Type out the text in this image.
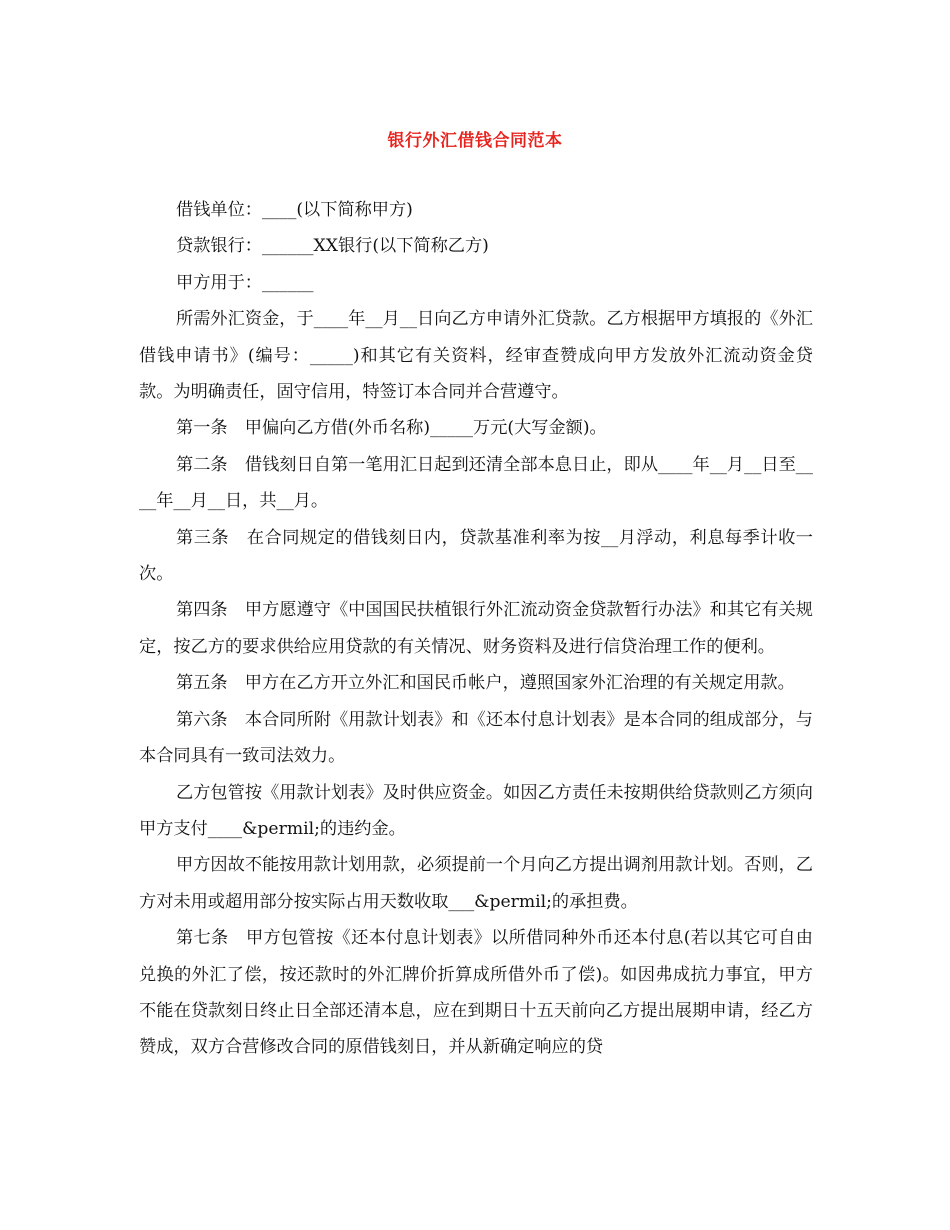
银行外汇借钱合同范本

借钱单位：____(以下简称甲方)

贷款银行：______XX银行(以下简称乙方)

甲方用于：______

所需外汇资金，于____年__月__日向乙方申请外汇贷款。乙方根据甲方填报的《外汇借钱申请书》(编号：_____)和其它有关资料，经审查赞成向甲方发放外汇流动资金贷款。为明确责任，固守信用，特签订本合同并合营遵守。

第一条　甲偏向乙方借(外币名称)_____万元(大写金额)。

第二条　借钱刻日自第一笔用汇日起到还清全部本息日止，即从____年__月__日至____年__月__日，共__月。

第三条　在合同规定的借钱刻日内，贷款基准利率为按__月浮动，利息每季计收一次。

第四条　甲方愿遵守《中国国民扶植银行外汇流动资金贷款暂行办法》和其它有关规定，按乙方的要求供给应用贷款的有关情况、财务资料及进行信贷治理工作的便利。

第五条　甲方在乙方开立外汇和国民币帐户，遵照国家外汇治理的有关规定用款。

第六条　本合同所附《用款计划表》和《还本付息计划表》是本合同的组成部分，与本合同具有一致司法效力。

乙方包管按《用款计划表》及时供应资金。如因乙方责任未按期供给贷款则乙方须向甲方支付____&permil;的违约金。

甲方因故不能按用款计划用款，必须提前一个月向乙方提出调剂用款计划。否则，乙方对未用或超用部分按实际占用天数收取___&permil;的承担费。

第七条　甲方包管按《还本付息计划表》以所借同种外币还本付息(若以其它可自由兑换的外汇了偿，按还款时的外汇牌价折算成所借外币了偿)。如因弗成抗力事宜，甲方不能在贷款刻日终止日全部还清本息，应在到期日十五天前向乙方提出展期申请，经乙方赞成，双方合营修改合同的原借钱刻日，并从新确定响应的贷
